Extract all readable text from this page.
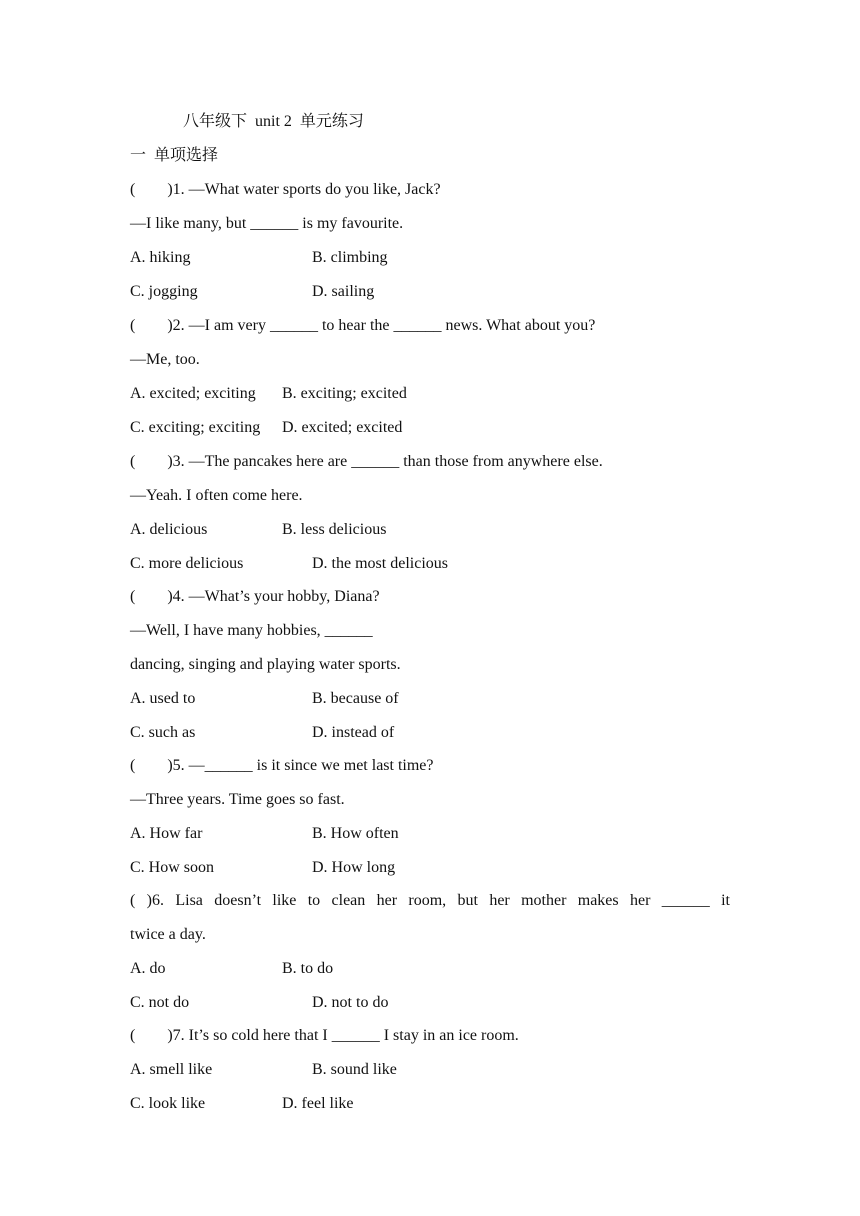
八年级下  unit 2  单元练习
一  单项选择
(        )1. —What water sports do you like, Jack?
—I like many, but ______ is my favourite.
A. hiking	B. climbing
C. jogging	D. sailing
(        )2. —I am very ______ to hear the ______ news. What about you?
—Me, too.
A. excited; exciting B. exciting; excited
C. exciting; exciting D. excited; excited
(        )3. —The pancakes here are ______ than those from anywhere else.
—Yeah. I often come here.
A. delicious	B. less delicious
C. more delicious	D. the most delicious
(        )4. —What’s your hobby, Diana?
—Well, I have many hobbies, ______
dancing, singing and playing water sports.
A. used to	B. because of
C. such as	D. instead of
(        )5. —______ is it since we met last time?
—Three years. Time goes so fast.
A. How far	B. How often
C. How soon	D. How long
( )6. Lisa doesn’t like to clean her room, but her mother makes her ______ it
twice a day.
A. do	B. to do
C. not do	D. not to do
(        )7. It’s so cold here that I ______ I stay in an ice room.
A. smell like	B. sound like
C. look like	D. feel like
